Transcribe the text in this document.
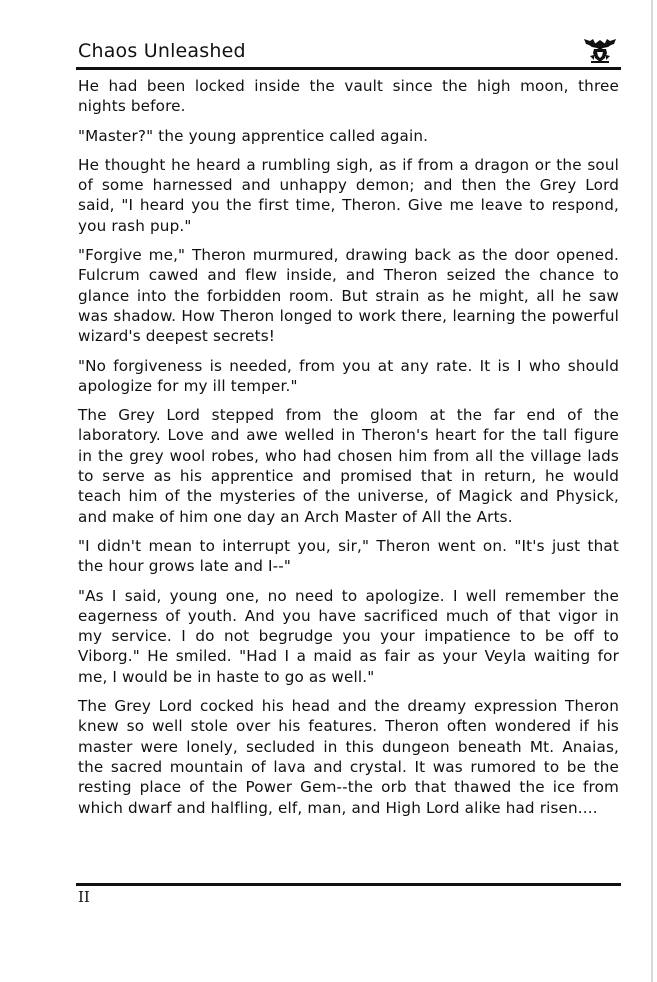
Chaos Unleashed

He had been locked inside the vault since the high moon, three nights before.

"Master?" the young apprentice called again.

He thought he heard a rumbling sigh, as if from a dragon or the soul of some harnessed and unhappy demon; and then the Grey Lord said, "I heard you the first time, Theron. Give me leave to respond, you rash pup."

"Forgive me," Theron murmured, drawing back as the door opened. Fulcrum cawed and flew inside, and Theron seized the chance to glance into the forbidden room. But strain as he might, all he saw was shadow. How Theron longed to work there, learning the powerful wizard's deepest secrets!

"No forgiveness is needed, from you at any rate. It is I who should apologize for my ill temper."

The Grey Lord stepped from the gloom at the far end of the laboratory. Love and awe welled in Theron's heart for the tall figure in the grey wool robes, who had chosen him from all the village lads to serve as his apprentice and promised that in return, he would teach him of the mysteries of the universe, of Magick and Physick, and make of him one day an Arch Master of All the Arts.

"I didn't mean to interrupt you, sir," Theron went on. "It's just that the hour grows late and I--"

"As I said, young one, no need to apologize. I well remember the eagerness of youth. And you have sacrificed much of that vigor in my service. I do not begrudge you your impatience to be off to Viborg." He smiled. "Had I a maid as fair as your Veyla waiting for me, I would be in haste to go as well."

The Grey Lord cocked his head and the dreamy expression Theron knew so well stole over his features. Theron often wondered if his master were lonely, secluded in this dungeon beneath Mt. Anaias, the sacred mountain of lava and crystal. It was rumored to be the resting place of the Power Gem--the orb that thawed the ice from which dwarf and halfling, elf, man, and High Lord alike had risen....

II
